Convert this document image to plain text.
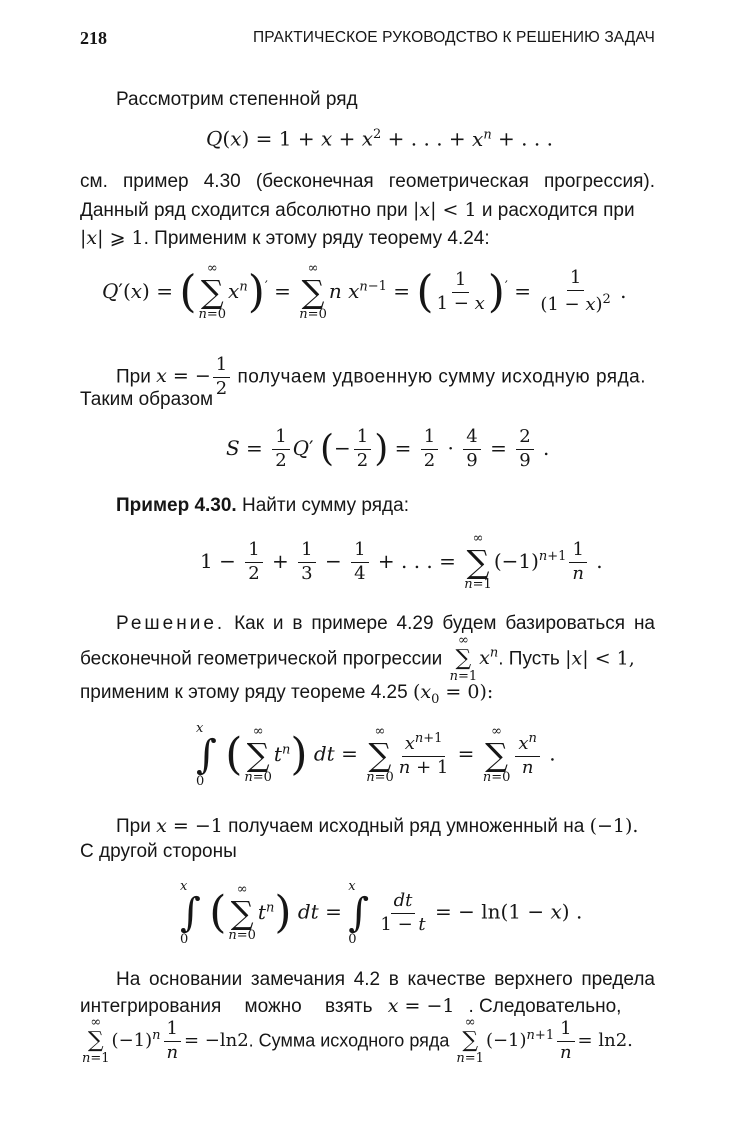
218	ПРАКТИЧЕСКОЕ РУКОВОДСТВО К РЕШЕНИЮ ЗАДАЧ
Рассмотрим степенной ряд
$Q(x) = 1 + x + x^2$ + . . . + $x^n$ + . . .
см. пример 4.30 (бесконечная геометрическая прогрессия).
Данный ряд сходится абсолютно при |x| < 1 и расходится при
|x| ⩾ 1. Применим к этому ряду теорему 4.24:
Q′(x) = ( ∞
∑
n=0
$x^n)'$ =
∞
∑
n=0
n $x^{n-1}$ = ( $\frac{1}{1 - x} )' = \frac{1}{(1 - x)^2}$ .
При x = − $\frac{1}{2}$ получаем удвоенную сумму исходную ряда.
Таким образом
$S = \frac{1}{2} Q'$ (− $\frac{1}{2}$ ) = $\frac{1}{2} \cdot \frac{4}{9} = \frac{2}{9}$ .
Пример 4.30. Найти сумму ряда:
$1 - \frac{1}{2} + \frac{1}{3} - \frac{1}{4}$ + . . . =
∞
∑
n=1
$(-1)^{n+1} \frac{1}{n}$ .
Решение. Как и в примере 4.29 будем базироваться на
бесконечной геометрической прогрессии
∞
∑
n=1
$x^n$. Пусть |x| < 1,
применим к этому ряду теореме 4.25 $(x_0 = 0)$:
x
∫
0
( ∞
∑
n=0
$t^n$) dt =
∞
∑
$n=0 \frac{x^{n+1}}{n + 1}$ =
∞
∑
$n=0 \frac{x^n}{n}$ .
При x = −1 получаем исходный ряд умноженный на (−1).
С другой стороны
x
∫
0
( ∞
∑
n=0
$t^n$) dt =
x
∫
0

$\frac{dt}{1 - t}$ = − ln(1 − x) .
На основании замечания 4.2 в качестве верхнего предела
интегрирования можно взять x = −1 . Следовательно,
∞
∑
n=1
$(-1)^n \frac{1}{n} = -\ln 2$. Сумма исходного ряда
∞
∑
n=1
$(-1)^{n+1} \frac{1}{n} = \ln 2$.
